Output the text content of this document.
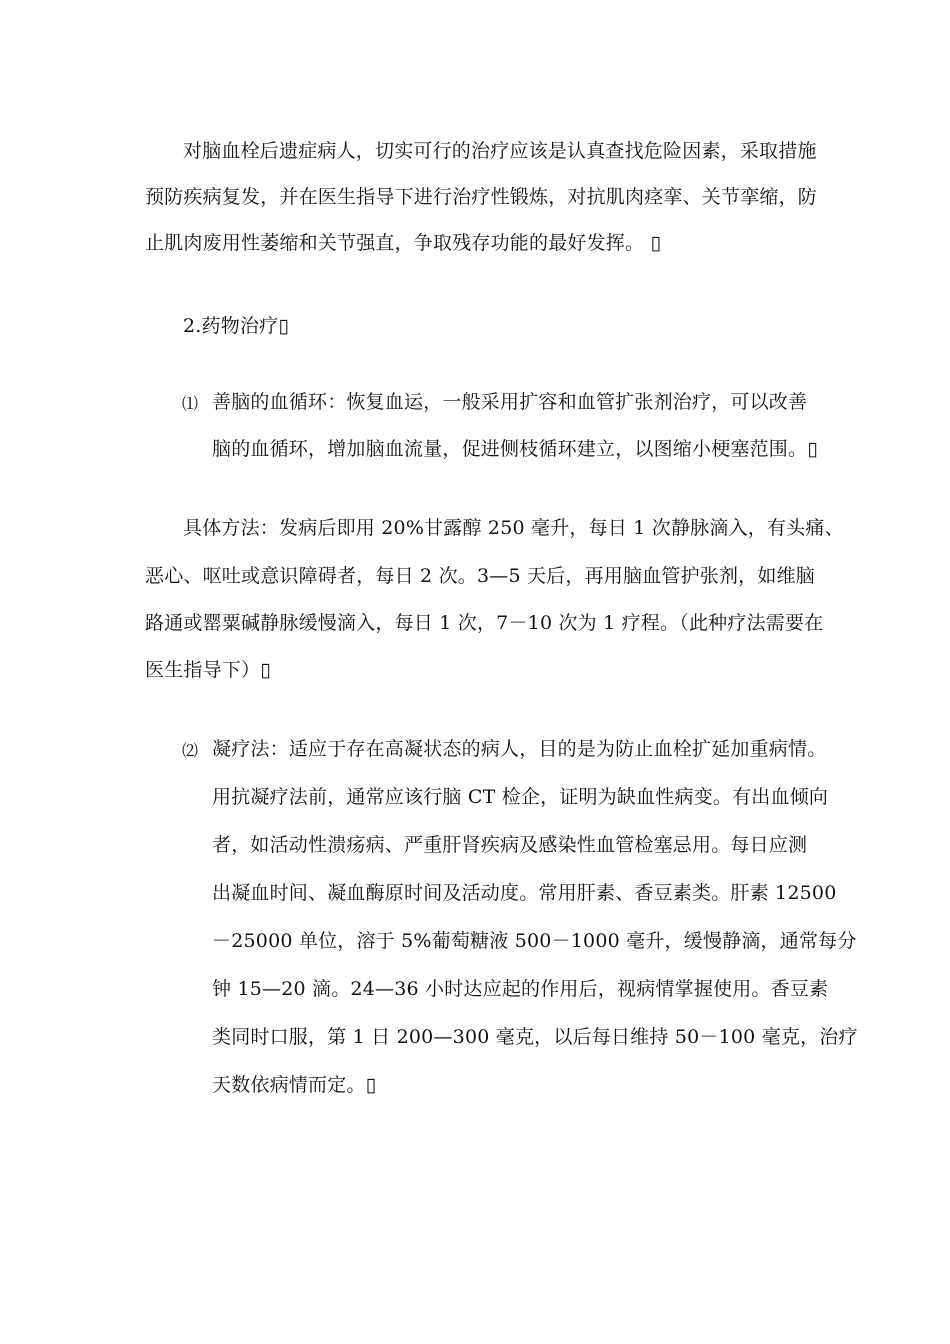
对脑血栓后遗症病人，切实可行的治疗应该是认真查找危险因素，采取措施
预防疾病复发，并在医生指导下进行治疗性锻炼，对抗肌肉痉挛、关节挛缩，防
止肌肉废用性萎缩和关节强直，争取残存功能的最好发挥。 ▯
2.药物治疗▯
⑴ 善脑的血循环：恢复血运，一般采用扩容和血管扩张剂治疗，可以改善
脑的血循环，增加脑血流量，促进侧枝循环建立，以图缩小梗塞范围。▯
具体方法：发病后即用 20%甘露醇 250 毫升，每日 1 次静脉滴入，有头痛、
恶心、呕吐或意识障碍者，每日 2 次。3—5 天后，再用脑血管护张剂，如维脑
路通或罂粟碱静脉缓慢滴入，每日 1 次，7－10 次为 1 疗程。（此种疗法需要在
医生指导下）▯
⑵ 凝疗法：适应于存在高凝状态的病人，目的是为防止血栓扩延加重病情。
用抗凝疗法前，通常应该行脑 CT 检企，证明为缺血性病变。有出血倾向
者，如活动性溃疡病、严重肝肾疾病及感染性血管检塞忌用。每日应测
出凝血时间、凝血酶原时间及活动度。常用肝素、香豆素类。肝素 12500
－25000 单位，溶于 5%葡萄糖液 500－1000 毫升，缓慢静滴，通常每分
钟 15—20 滴。24—36 小时达应起的作用后，视病情掌握使用。香豆素
类同时口服，第 1 日 200—300 毫克，以后每日维持 50－100 毫克，治疗
天数依病情而定。▯
